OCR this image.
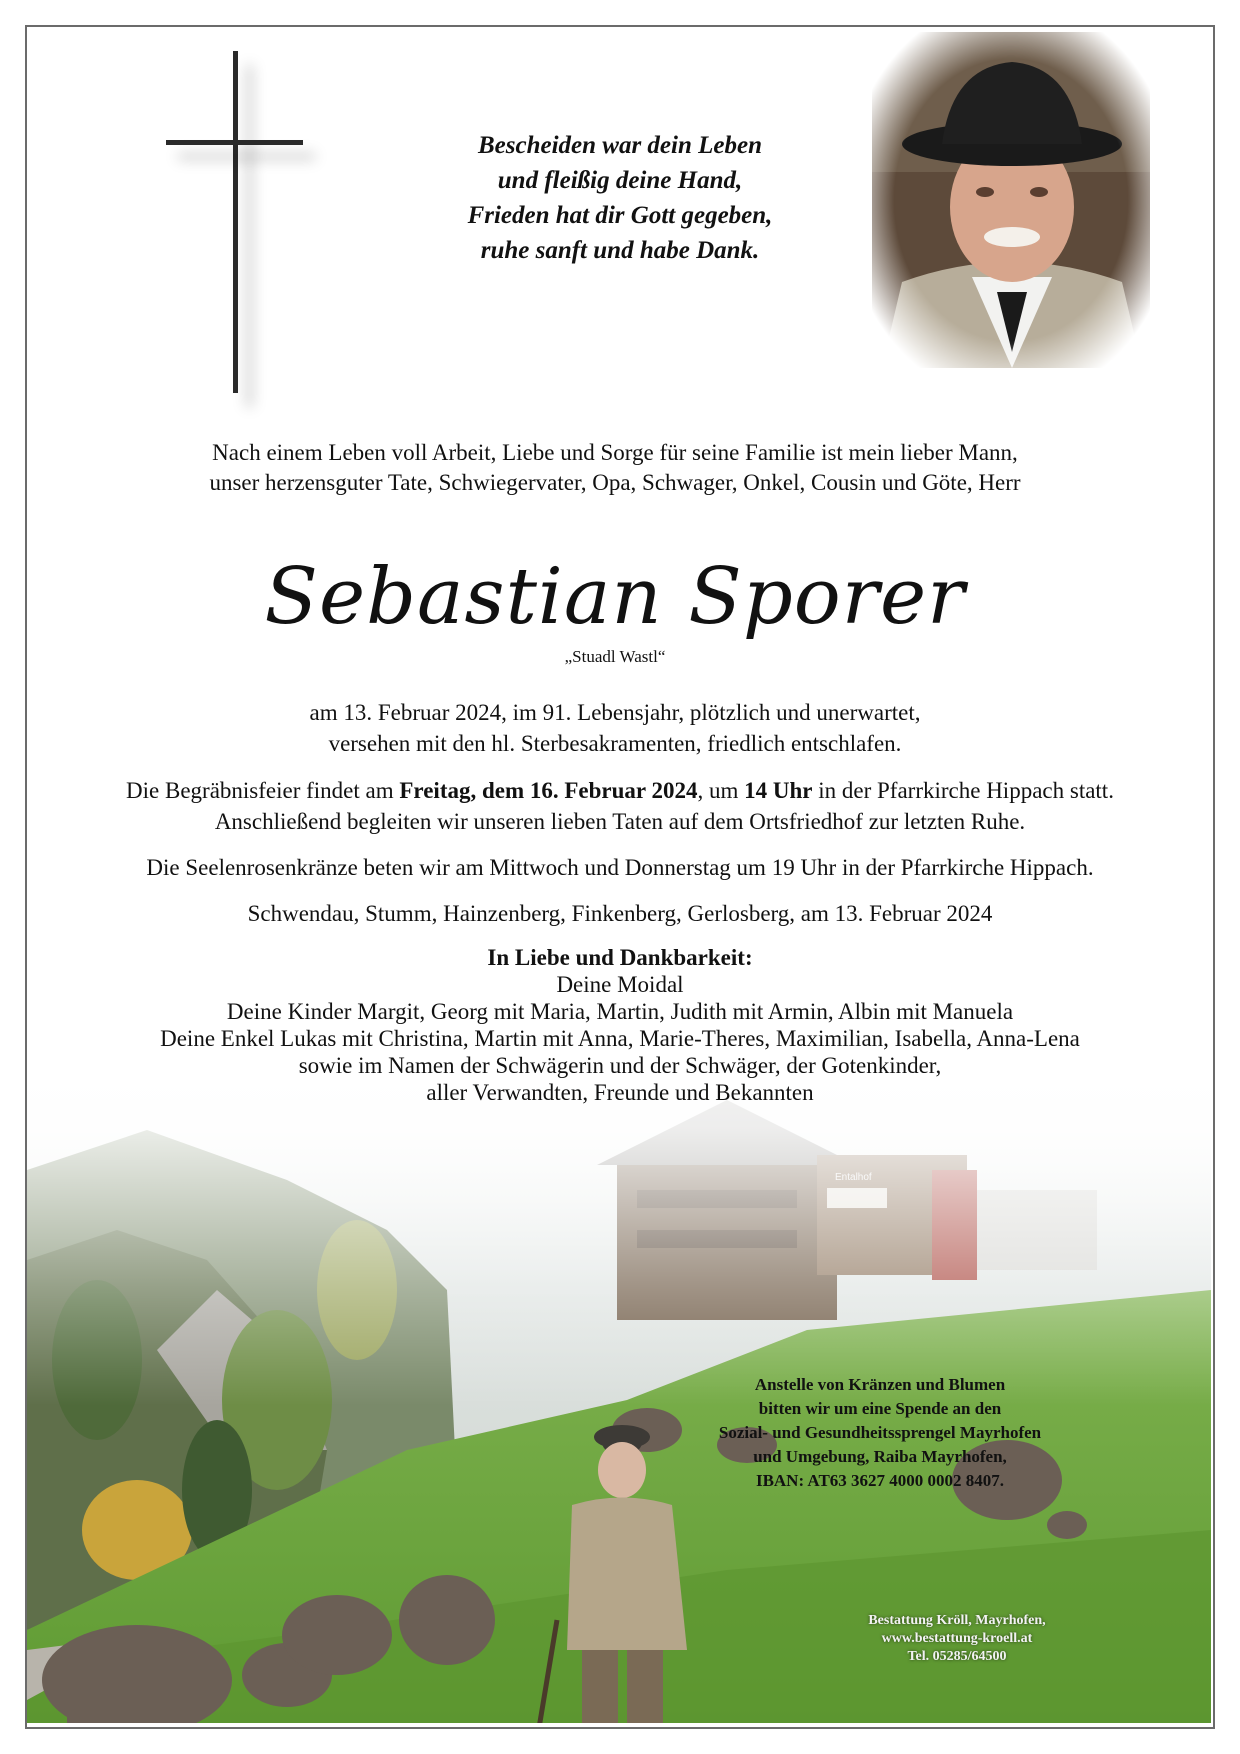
Bescheiden war dein Leben
und fleißig deine Hand,
Frieden hat dir Gott gegeben,
ruhe sanft und habe Dank.
Nach einem Leben voll Arbeit, Liebe und Sorge für seine Familie ist mein lieber Mann,
unser herzensguter Tate, Schwiegervater, Opa, Schwager, Onkel, Cousin und Göte, Herr
Sebastian Sporer
„Stuadl Wastl“
am 13. Februar 2024, im 91. Lebensjahr, plötzlich und unerwartet,
versehen mit den hl. Sterbesakramenten, friedlich entschlafen.
Die Begräbnisfeier findet am Freitag, dem 16. Februar 2024, um 14 Uhr in der Pfarrkirche Hippach statt.
Anschließend begleiten wir unseren lieben Taten auf dem Ortsfriedhof zur letzten Ruhe.
Die Seelenrosenkränze beten wir am Mittwoch und Donnerstag um 19 Uhr in der Pfarrkirche Hippach.
Schwendau, Stumm, Hainzenberg, Finkenberg, Gerlosberg, am 13. Februar 2024
In Liebe und Dankbarkeit:
Deine Moidal
Deine Kinder Margit, Georg mit Maria, Martin, Judith mit Armin, Albin mit Manuela
Deine Enkel Lukas mit Christina, Martin mit Anna, Marie-Theres, Maximilian, Isabella, Anna-Lena
sowie im Namen der Schwägerin und der Schwäger, der Gotenkinder,
aller Verwandten, Freunde und Bekannten
Anstelle von Kränzen und Blumen
bitten wir um eine Spende an den
Sozial- und Gesundheitssprengel Mayrhofen
und Umgebung, Raiba Mayrhofen,
IBAN: AT63 3627 4000 0002 8407.
Bestattung Kröll, Mayrhofen,
www.bestattung-kroell.at
Tel. 05285/64500
